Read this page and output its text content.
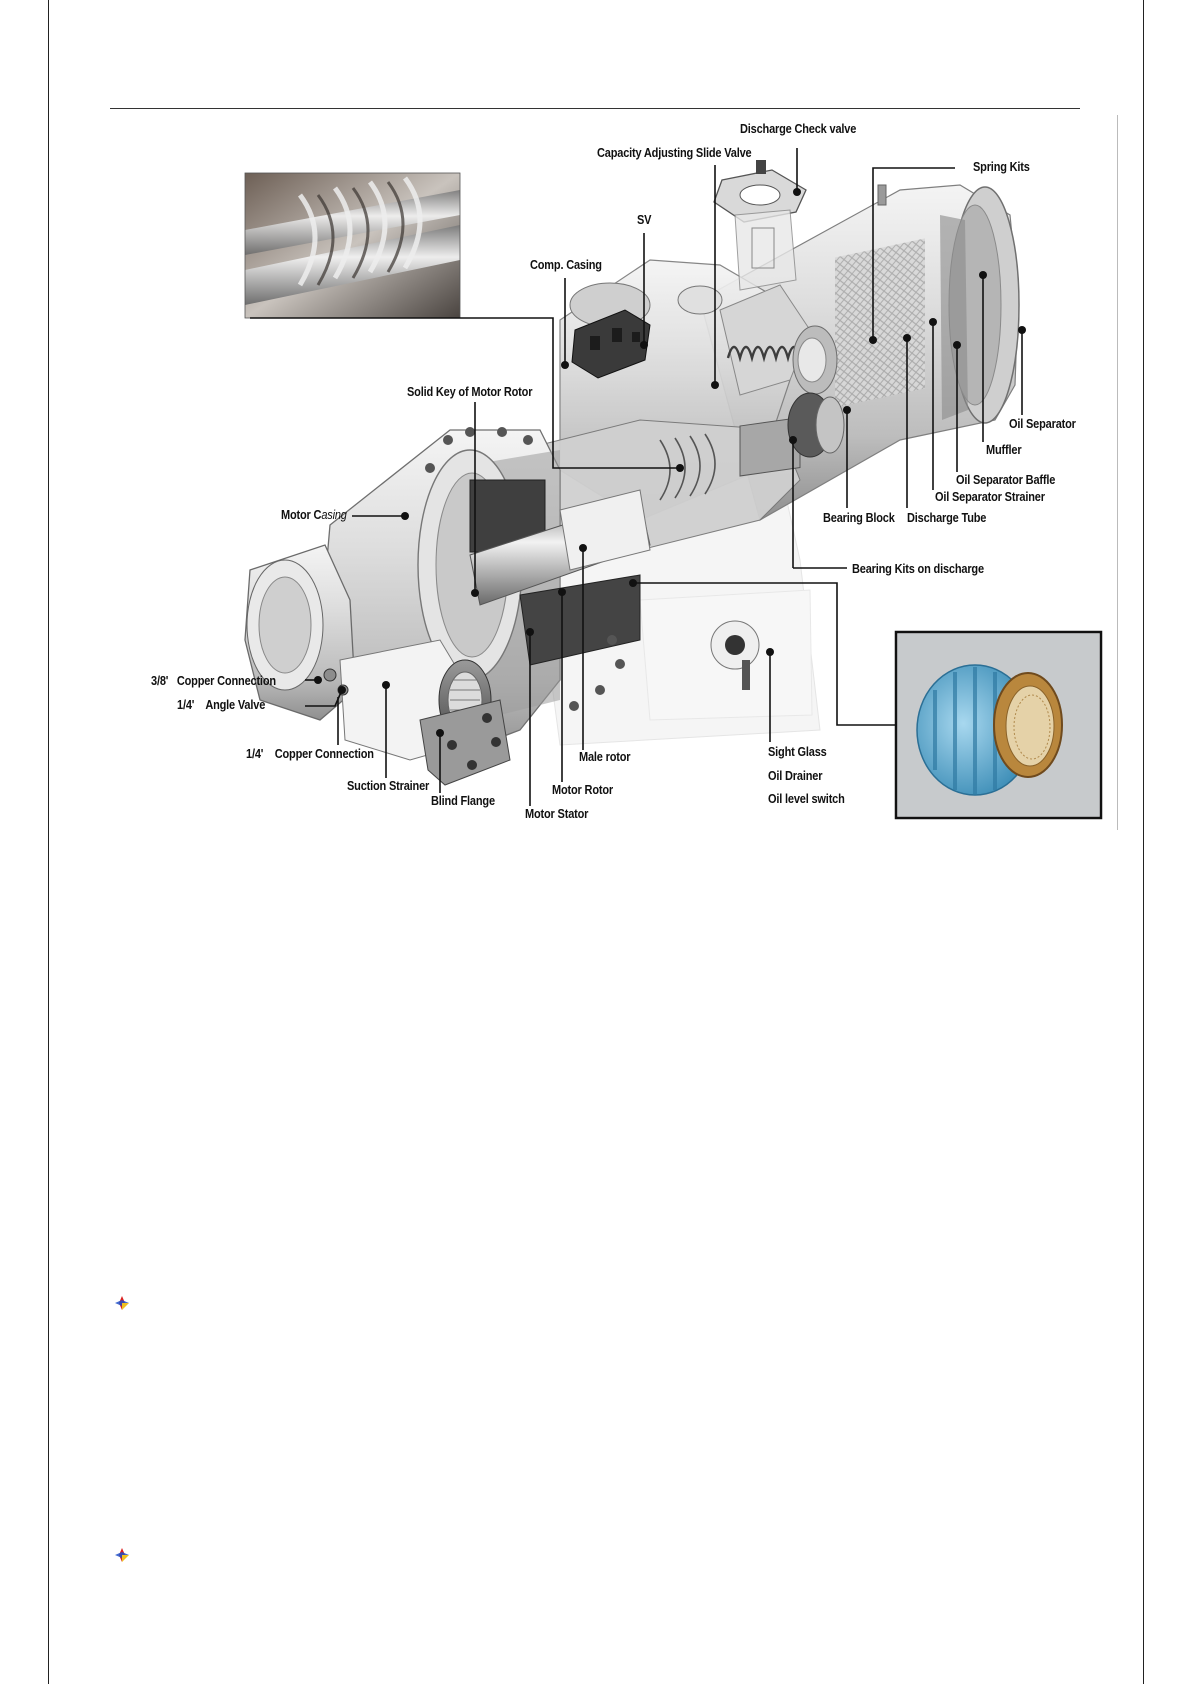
Discharge Check valve
Capacity Adjusting Slide Valve
Spring Kits
SV
Comp. Casing
Solid Key of Motor Rotor
Oil Separator
Muffler
Oil Separator Baffle
Oil Separator Strainer
Motor Casing	Bearing Block Discharge Tube
Bearing Kits on discharge
3/8'   Copper Connection
1/4'    Angle Valve
1/4'    Copper Connection	Sight Glass
Male rotor
Oil Drainer
Suction Strainer	Motor Rotor
Oil level switch
Blind Flange
Motor Stator
